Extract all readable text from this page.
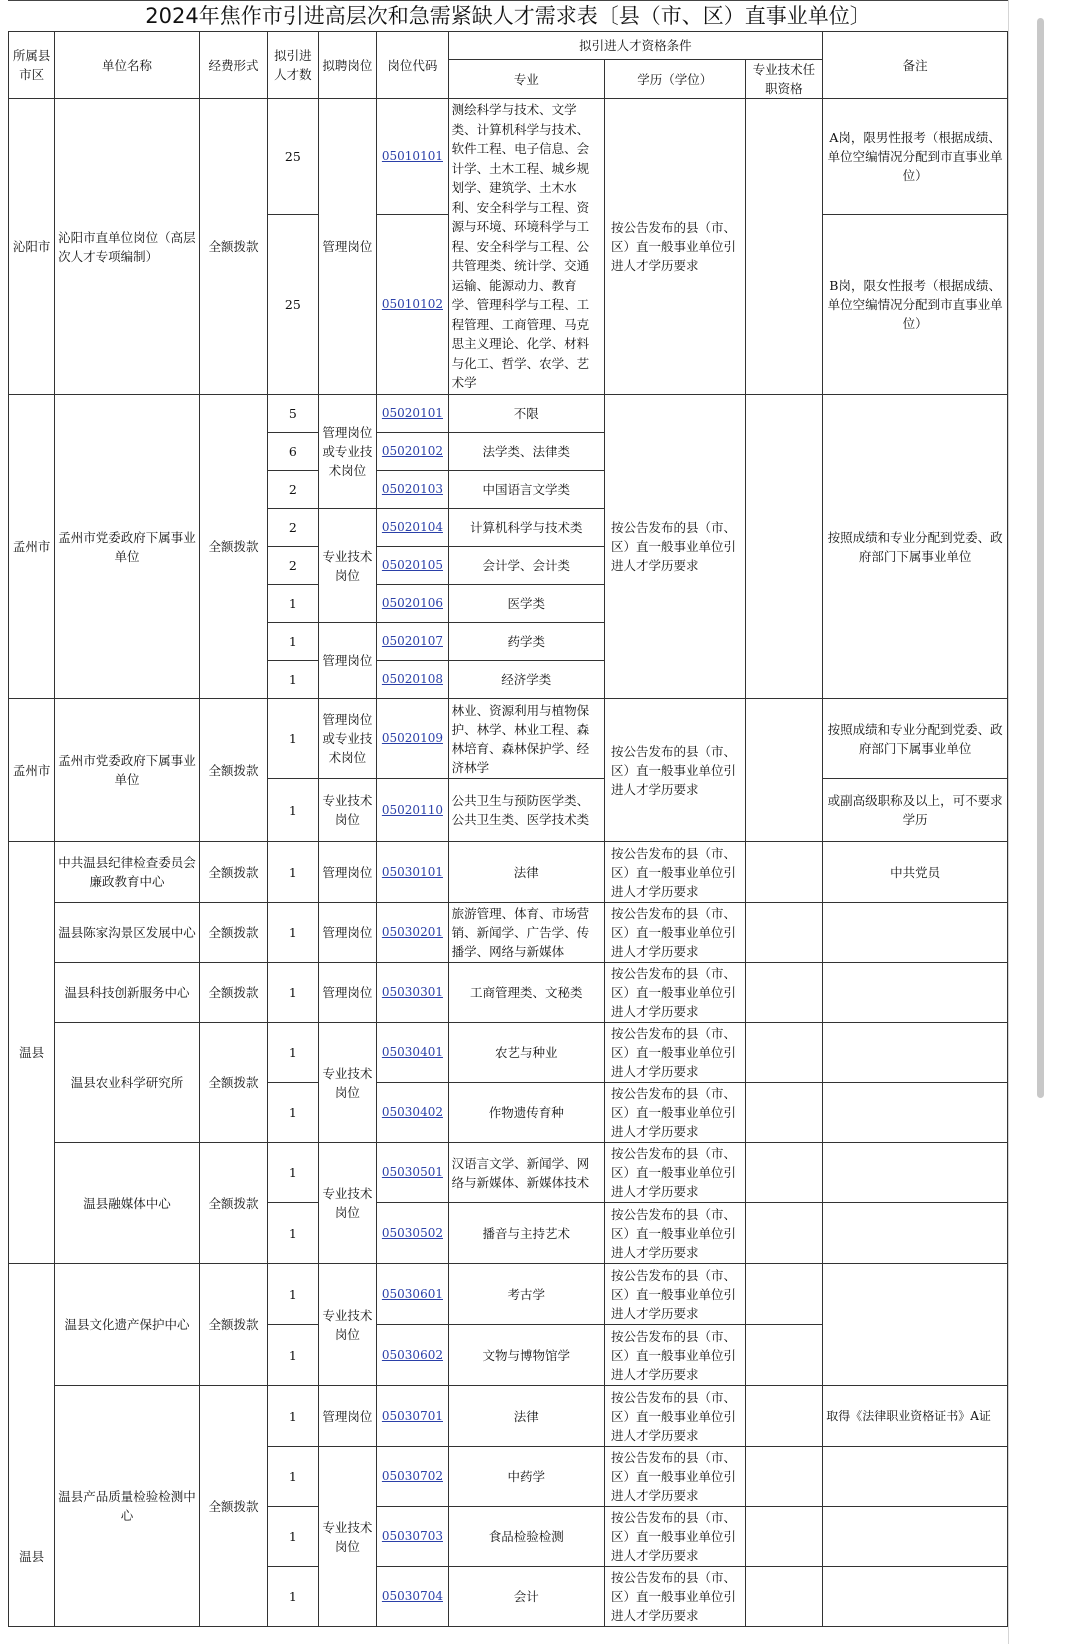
2024年焦作市引进高层次和急需紧缺人才需求表〔县（市、区）直事业单位〕
所属县市区	单位名称	经费形式	拟引进人才数	拟聘岗位	岗位代码	拟引进人才资格条件			备注
						专业	学历（学位）	专业技术任职资格	
沁阳市	沁阳市直单位岗位（高层次人才专项编制）	全额拨款	25	管理岗位	05010101	测绘科学与技术、文学类、计算机科学与技术、软件工程、电子信息、会计学、土木工程、城乡规划学、建筑学、土木水利、安全科学与工程、资源与环境、环境科学与工程、安全科学与工程、公共管理类、统计学、交通运输、能源动力、教育学、管理科学与工程、工程管理、工商管理、马克思主义理论、化学、材料与化工、哲学、农学、艺术学	按公告发布的县（市、区）直一般事业单位引进人才学历要求		A岗，限男性报考（根据成绩、单位空编情况分配到市直事业单位）
			25		05010102				B岗，限女性报考（根据成绩、单位空编情况分配到市直事业单位）
孟州市	孟州市党委政府下属事业单位	全额拨款	5	管理岗位或专业技术岗位	05020101	不限	按公告发布的县（市、区）直一般事业单位引进人才学历要求		按照成绩和专业分配到党委、政府部门下属事业单位
			6		05020102	法学类、法律类			
			2		05020103	中国语言文学类			
			2	专业技术岗位	05020104	计算机科学与技术类			
			2		05020105	会计学、会计类			
			1		05020106	医学类			
			1	管理岗位	05020107	药学类			
			1		05020108	经济学类			
孟州市	孟州市党委政府下属事业单位	全额拨款	1	管理岗位或专业技术岗位	05020109	林业、资源利用与植物保护、林学、林业工程、森林培育、森林保护学、经济林学	按公告发布的县（市、区）直一般事业单位引进人才学历要求		按照成绩和专业分配到党委、政府部门下属事业单位
			1	专业技术岗位	05020110	公共卫生与预防医学类、公共卫生类、医学技术类			或副高级职称及以上，可不要求学历
温县	中共温县纪律检查委员会廉政教育中心	全额拨款	1	管理岗位	05030101	法律	按公告发布的县（市、区）直一般事业单位引进人才学历要求		中共党员
	温县陈家沟景区发展中心	全额拨款	1	管理岗位	05030201	旅游管理、体育、市场营销、新闻学、广告学、传播学、网络与新媒体	按公告发布的县（市、区）直一般事业单位引进人才学历要求		
	温县科技创新服务中心	全额拨款	1	管理岗位	05030301	工商管理类、文秘类	按公告发布的县（市、区）直一般事业单位引进人才学历要求		
	温县农业科学研究所	全额拨款	1	专业技术岗位	05030401	农艺与种业	按公告发布的县（市、区）直一般事业单位引进人才学历要求		
			1		05030402	作物遗传育种	按公告发布的县（市、区）直一般事业单位引进人才学历要求		
	温县融媒体中心	全额拨款	1	专业技术岗位	05030501	汉语言文学、新闻学、网络与新媒体、新媒体技术	按公告发布的县（市、区）直一般事业单位引进人才学历要求		
			1		05030502	播音与主持艺术	按公告发布的县（市、区）直一般事业单位引进人才学历要求		
温县	温县文化遗产保护中心	全额拨款	1	专业技术岗位	05030601	考古学	按公告发布的县（市、区）直一般事业单位引进人才学历要求		
			1		05030602	文物与博物馆学	按公告发布的县（市、区）直一般事业单位引进人才学历要求		
	温县产品质量检验检测中心	全额拨款	1	管理岗位	05030701	法律	按公告发布的县（市、区）直一般事业单位引进人才学历要求		取得《法律职业资格证书》A证
			1	专业技术岗位	05030702	中药学	按公告发布的县（市、区）直一般事业单位引进人才学历要求		
			1		05030703	食品检验检测	按公告发布的县（市、区）直一般事业单位引进人才学历要求		
			1		05030704	会计	按公告发布的县（市、区）直一般事业单位引进人才学历要求		
